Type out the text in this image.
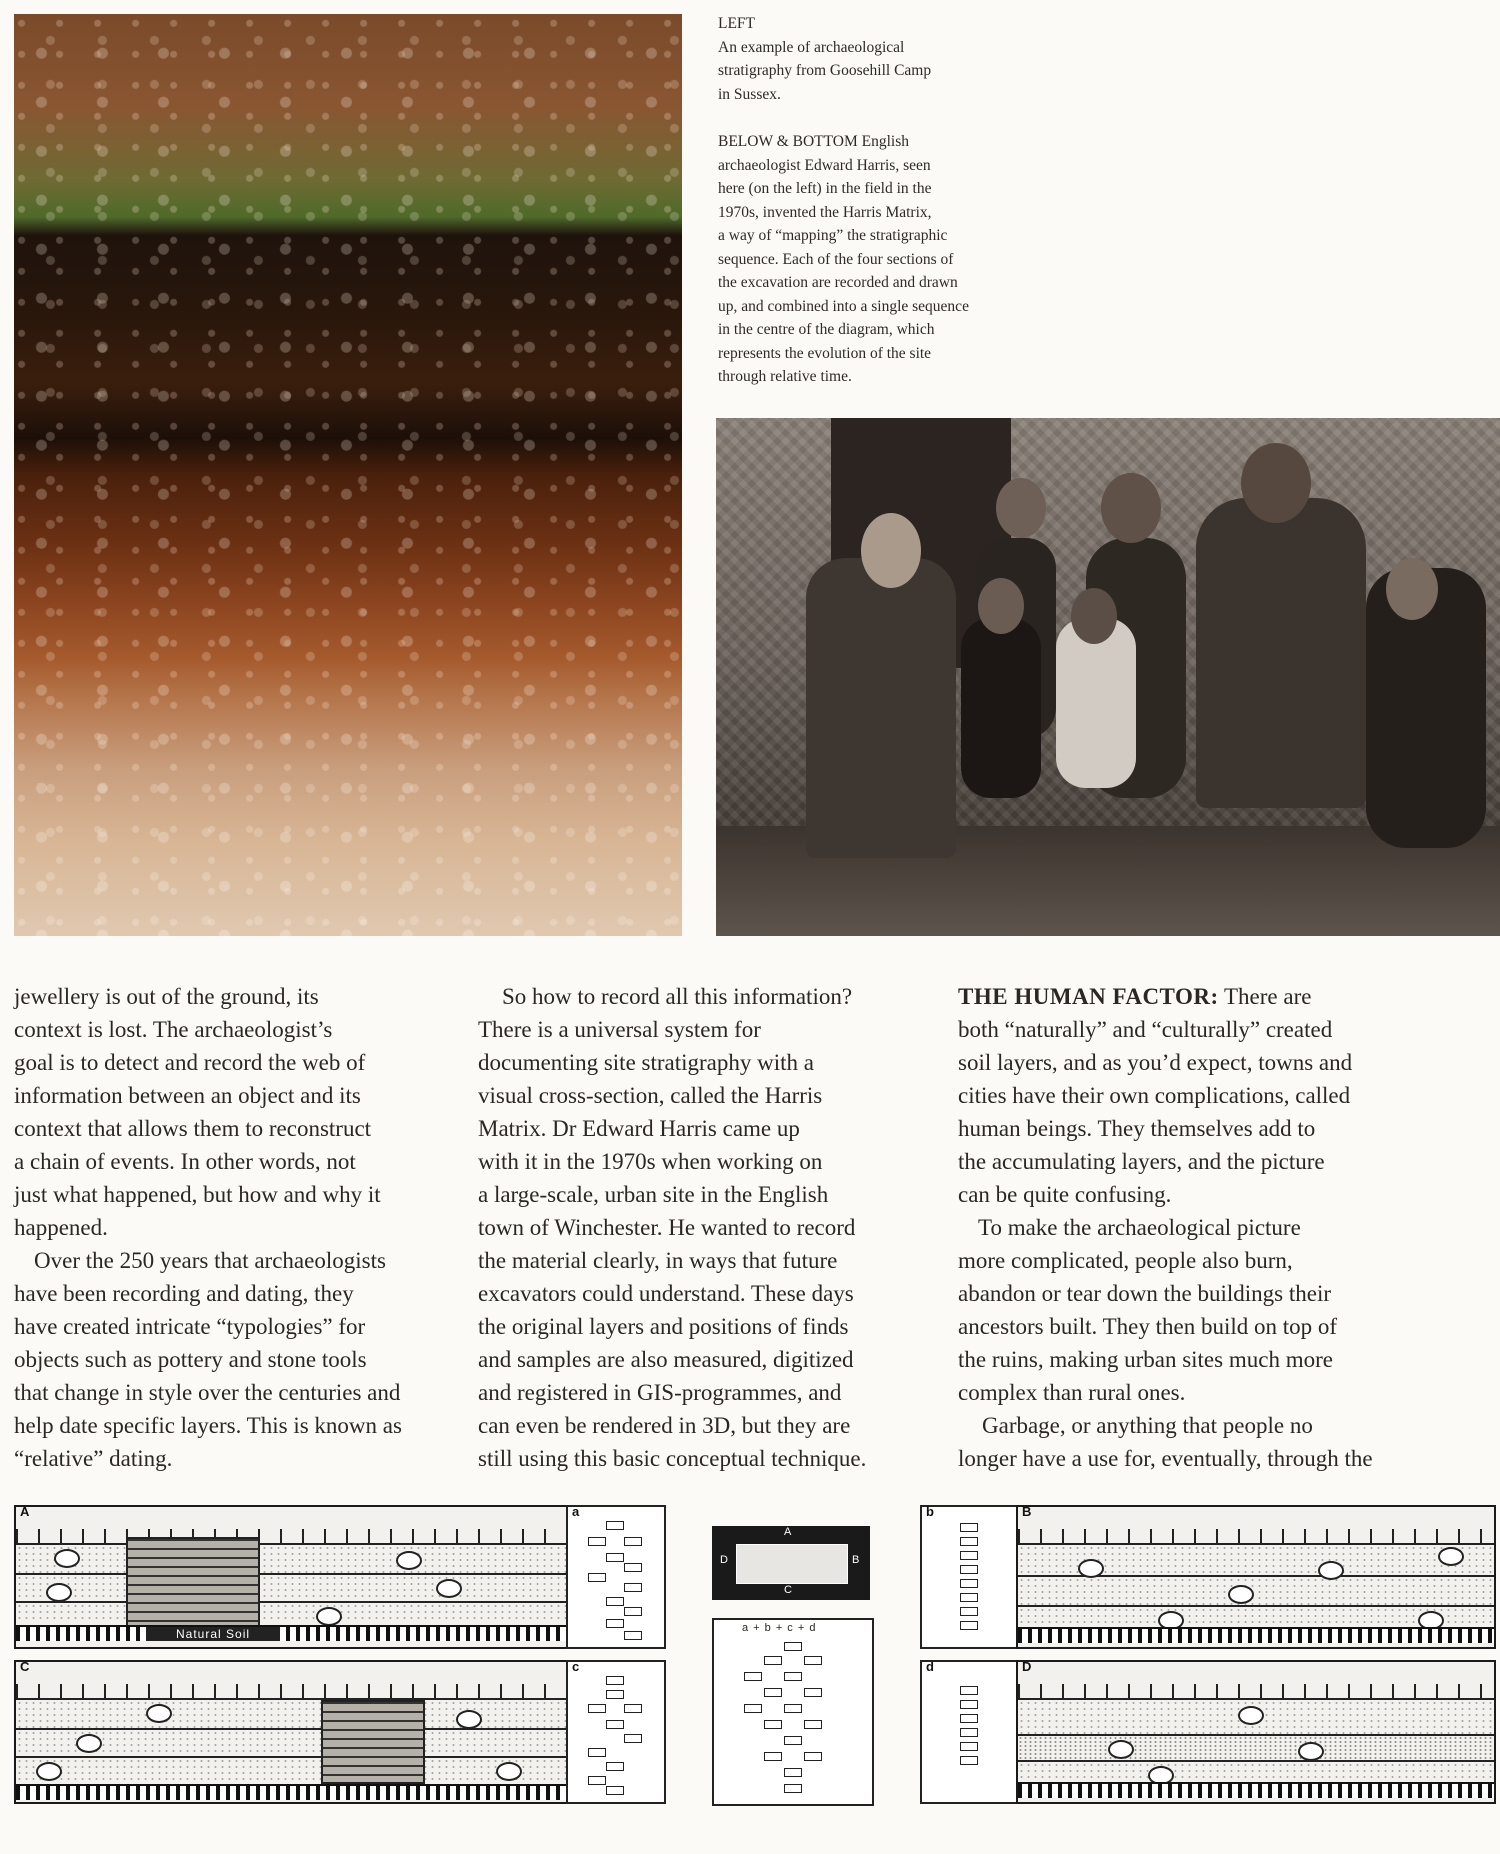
LEFT

An example of archaeological

stratigraphy from Goosehill Camp

in Sussex.

BELOW & BOTTOM English

archaeologist Edward Harris, seen

here (on the left) in the field in the

1970s, invented the Harris Matrix,

a way of “mapping” the stratigraphic

sequence. Each of the four sections of

the excavation are recorded and drawn

up, and combined into a single sequence

in the centre of the diagram, which

represents the evolution of the site

through relative time.

jewellery is out of the ground, its

context is lost. The archaeologist’s

goal is to detect and record the web of

information between an object and its

context that allows them to reconstruct

a chain of events. In other words, not

just what happened, but how and why it

happened.

Over the 250 years that archaeologists

have been recording and dating, they

have created intricate “typologies” for

objects such as pottery and stone tools

that change in style over the centuries and

help date specific layers. This is known as

“relative” dating.

So how to record all this information?

There is a universal system for

documenting site stratigraphy with a

visual cross-section, called the Harris

Matrix. Dr Edward Harris came up

with it in the 1970s when working on

a large-scale, urban site in the English

town of Winchester. He wanted to record

the material clearly, in ways that future

excavators could understand. These days

the original layers and positions of finds

and samples are also measured, digitized

and registered in GIS-programmes, and

can even be rendered in 3D, but they are

still using this basic conceptual technique.

THE HUMAN FACTOR: There are

both “naturally” and “culturally” created

soil layers, and as you’d expect, towns and

cities have their own complications, called

human beings. They themselves add to

the accumulating layers, and the picture

can be quite confusing.

To make the archaeological picture

more complicated, people also burn,

abandon or tear down the buildings their

ancestors built. They then build on top of

the ruins, making urban sites much more

complex than rural ones.

Garbage, or anything that people no

longer have a use for, eventually, through the

A
Natural Soil
a
C	c
A
B
C
D
a + b + c + d
b	B
d	D
